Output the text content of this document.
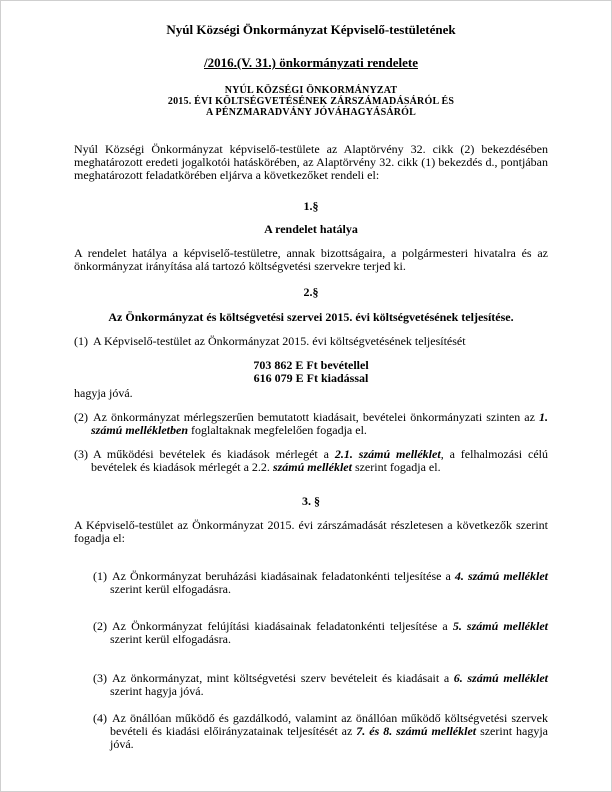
Nyúl Községi Önkormányzat Képviselő-testületének
/2016.(V. 31.) önkormányzati rendelete
NYÚL KÖZSÉGI ÖNKORMÁNYZAT
2015. ÉVI KÖLTSÉGVETÉSÉNEK ZÁRSZÁMADÁSÁRÓL ÉS
A PÉNZMARADVÁNY JÓVÁHAGYÁSÁRÓL
Nyúl Községi Önkormányzat képviselő-testülete az Alaptörvény 32. cikk (2) bekezdésében meghatározott eredeti jogalkotói hatáskörében, az Alaptörvény 32. cikk (1) bekezdés d., pontjában meghatározott feladatkörében eljárva a következőket rendeli el:
1.§
A rendelet hatálya
A rendelet hatálya a képviselő-testületre, annak bizottságaira, a polgármesteri hivatalra és az önkormányzat irányítása alá tartozó költségvetési szervekre terjed ki.
2.§
Az Önkormányzat és költségvetési szervei 2015. évi költségvetésének teljesítése.
(1) A Képviselő-testület az Önkormányzat 2015. évi költségvetésének teljesítését
703 862 E Ft bevétellel
616 079 E Ft kiadással
hagyja jóvá.
(2) Az önkormányzat mérlegszerűen bemutatott kiadásait, bevételei önkormányzati szinten az 1. számú mellékletben foglaltaknak megfelelően fogadja el.
(3) A működési bevételek és kiadások mérlegét a 2.1. számú melléklet, a felhalmozási célú bevételek és kiadások mérlegét a 2.2. számú melléklet szerint fogadja el.
3. §
A Képviselő-testület az Önkormányzat 2015. évi zárszámadását részletesen a következők szerint fogadja el:
(1) Az Önkormányzat beruházási kiadásainak feladatonkénti teljesítése a 4. számú melléklet szerint kerül elfogadásra.
(2) Az Önkormányzat felújítási kiadásainak feladatonkénti teljesítése a 5. számú melléklet szerint kerül elfogadásra.
(3) Az önkormányzat, mint költségvetési szerv bevételeit és kiadásait a 6. számú melléklet szerint hagyja jóvá.
(4) Az önállóan működő és gazdálkodó, valamint az önállóan működő költségvetési szervek bevételi és kiadási előirányzatainak teljesítését az 7. és 8. számú melléklet szerint hagyja jóvá.
